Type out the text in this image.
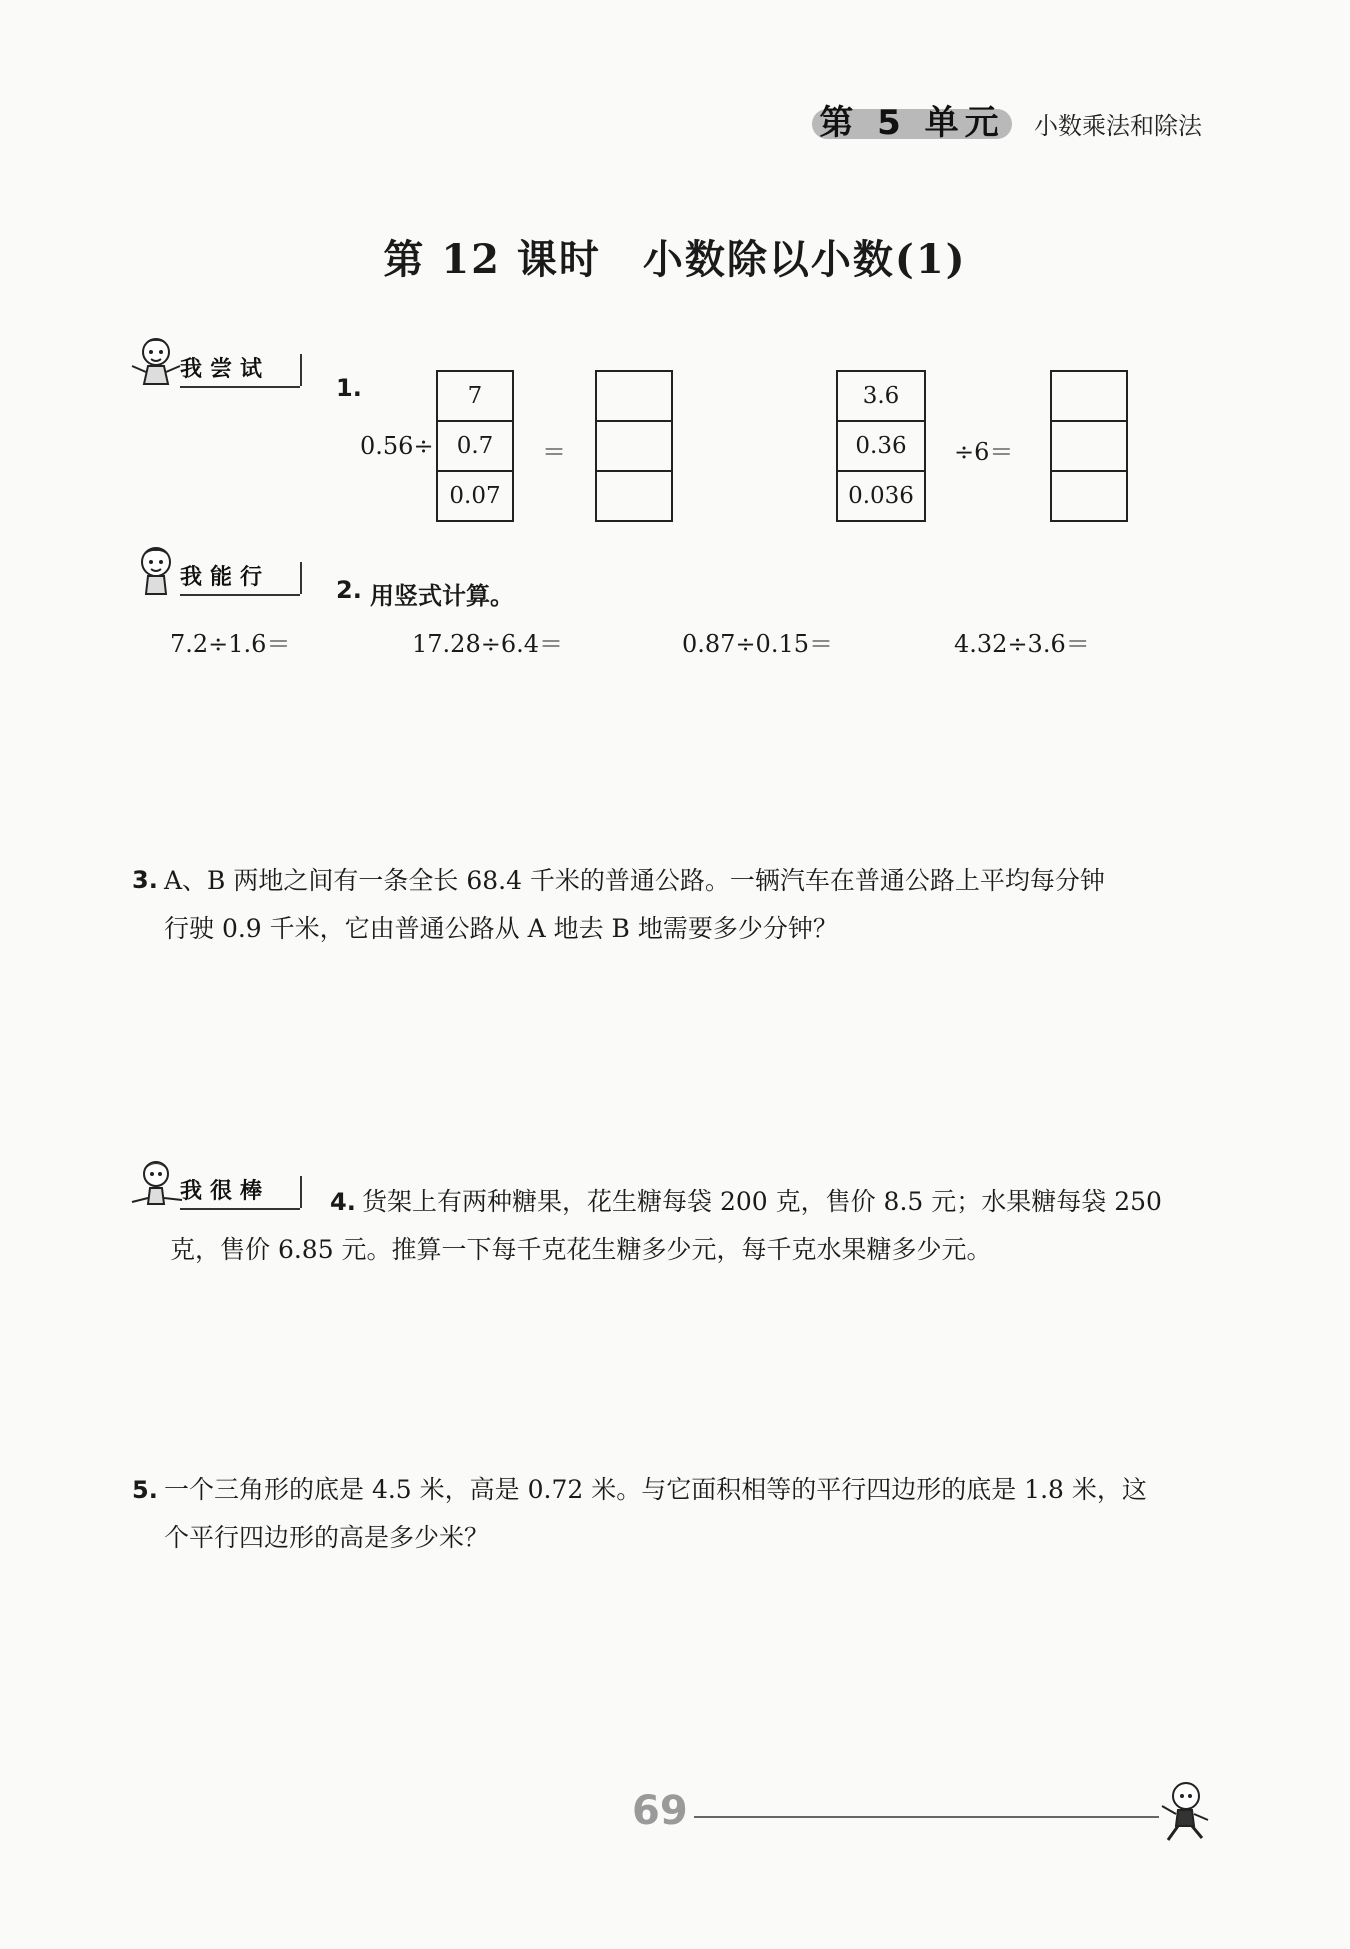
第 5 单元	小数乘法和除法
第 12 课时　小数除以小数(1)
我尝试
1.
0.56÷
7
0.7
0.07
＝
3.6
0.36
0.036
÷6＝
我能行	2. 用竖式计算。
7.2÷1.6＝	17.28÷6.4＝	0.87÷0.15＝	4.32÷3.6＝
3. A、B 两地之间有一条全长 68.4 千米的普通公路。一辆汽车在普通公路上平均每分钟
行驶 0.9 千米，它由普通公路从 A 地去 B 地需要多少分钟？
我很棒	4. 货架上有两种糖果，花生糖每袋 200 克，售价 8.5 元；水果糖每袋 250
克，售价 6.85 元。推算一下每千克花生糖多少元，每千克水果糖多少元。
5. 一个三角形的底是 4.5 米，高是 0.72 米。与它面积相等的平行四边形的底是 1.8 米，这
个平行四边形的高是多少米？
69
